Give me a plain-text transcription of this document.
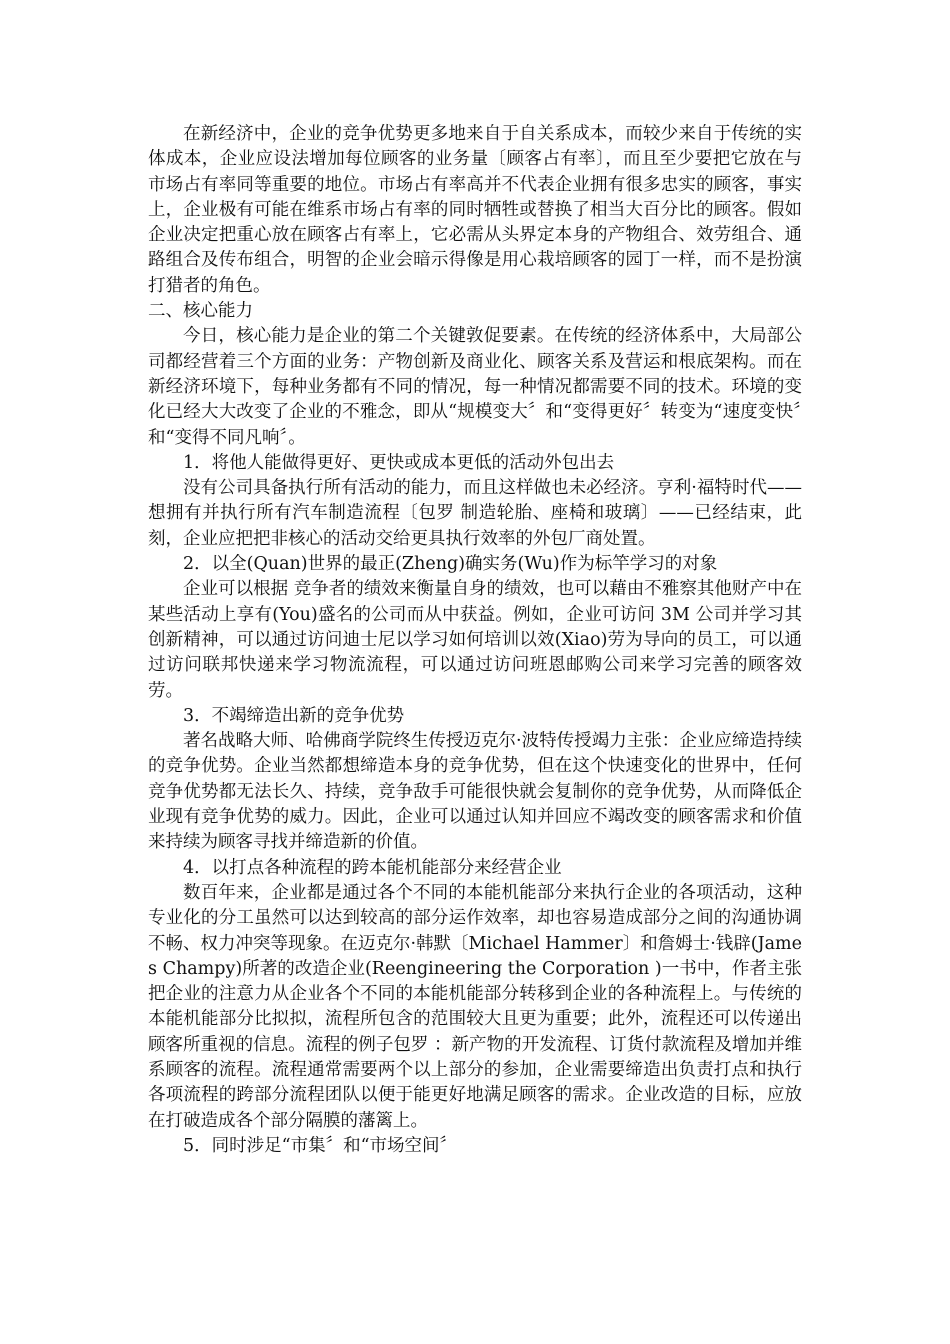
在新经济中，企业的竞争优势更多地来自于自关系成本，而较少来自于传统的实体成本，企业应设法增加每位顾客的业务量〔顾客占有率〕，而且至少要把它放在与市场占有率同等重要的地位。市场占有率高并不代表企业拥有很多忠实的顾客，事实上，企业极有可能在维系市场占有率的同时牺牲或替换了相当大百分比的顾客。假如企业决定把重心放在顾客占有率上，它必需从头界定本身的产物组合、效劳组合、通路组合及传布组合，明智的企业会暗示得像是用心栽培顾客的园丁一样，而不是扮演打猎者的角色。

二、核心能力

今日，核心能力是企业的第二个关键敦促要素。在传统的经济体系中，大局部公司都经营着三个方面的业务：产物创新及商业化、顾客关系及营运和根底架构。而在新经济环境下，每种业务都有不同的情况，每一种情况都需要不同的技术。环境的变化已经大大改变了企业的不雅念，即从“规模变大〞和“变得更好〞转变为“速度变快〞和“变得不同凡响〞。

1．将他人能做得更好、更快或成本更低的活动外包出去

没有公司具备执行所有活动的能力，而且这样做也未必经济。亨利·福特时代——想拥有并执行所有汽车制造流程〔包罗 制造轮胎、座椅和玻璃〕——已经结束，此刻，企业应把把非核心的活动交给更具执行效率的外包厂商处置。

2．以全(Quan)世界的最正(Zheng)确实务(Wu)作为标竿学习的对象

企业可以根据 竞争者的绩效来衡量自身的绩效，也可以藉由不雅察其他财产中在某些活动上享有(You)盛名的公司而从中获益。例如，企业可访问 3M 公司并学习其创新精神，可以通过访问迪士尼以学习如何培训以效(Xiao)劳为导向的员工，可以通过访问联邦快递来学习物流流程，可以通过访问班恩邮购公司来学习完善的顾客效劳。

3．不竭缔造出新的竞争优势

著名战略大师、哈佛商学院终生传授迈克尔·波特传授竭力主张：企业应缔造持续的竞争优势。企业当然都想缔造本身的竞争优势，但在这个快速变化的世界中，任何竞争优势都无法长久、持续，竞争敌手可能很快就会复制你的竞争优势，从而降低企业现有竞争优势的威力。因此，企业可以通过认知并回应不竭改变的顾客需求和价值来持续为顾客寻找并缔造新的价值。

4．以打点各种流程的跨本能机能部分来经营企业

数百年来，企业都是通过各个不同的本能机能部分来执行企业的各项活动，这种专业化的分工虽然可以达到较高的部分运作效率，却也容易造成部分之间的沟通协调不畅、权力冲突等现象。在迈克尔·韩默〔Michael Hammer〕和詹姆士·钱辟(James Champy)所著的改造企业(Reengineering the Corporation )一书中，作者主张把企业的注意力从企业各个不同的本能机能部分转移到企业的各种流程上。与传统的本能机能部分比拟拟，流程所包含的范围较大且更为重要；此外，流程还可以传递出顾客所重视的信息。流程的例子包罗 ：新产物的开发流程、订货付款流程及增加并维系顾客的流程。流程通常需要两个以上部分的参加，企业需要缔造出负责打点和执行各项流程的跨部分流程团队以便于能更好地满足顾客的需求。企业改造的目标，应放在打破造成各个部分隔膜的藩篱上。

5．同时涉足“市集〞和“市场空间〞
